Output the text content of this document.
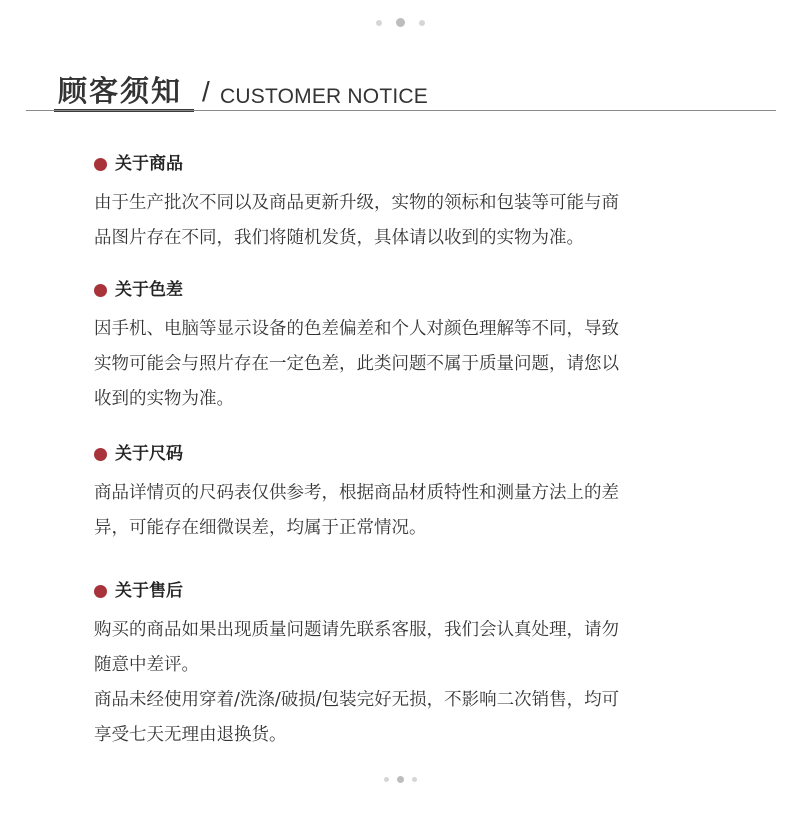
顾客须知 / CUSTOMER NOTICE
关于商品
由于生产批次不同以及商品更新升级，实物的领标和包装等可能与商
品图片存在不同，我们将随机发货，具体请以收到的实物为准。
关于色差
因手机、电脑等显示设备的色差偏差和个人对颜色理解等不同，导致
实物可能会与照片存在一定色差，此类问题不属于质量问题，请您以
收到的实物为准。
关于尺码
商品详情页的尺码表仅供参考，根据商品材质特性和测量方法上的差
异，可能存在细微误差，均属于正常情况。
关于售后
购买的商品如果出现质量问题请先联系客服，我们会认真处理，请勿
随意中差评。
商品未经使用穿着/洗涤/破损/包装完好无损，不影响二次销售，均可
享受七天无理由退换货。
